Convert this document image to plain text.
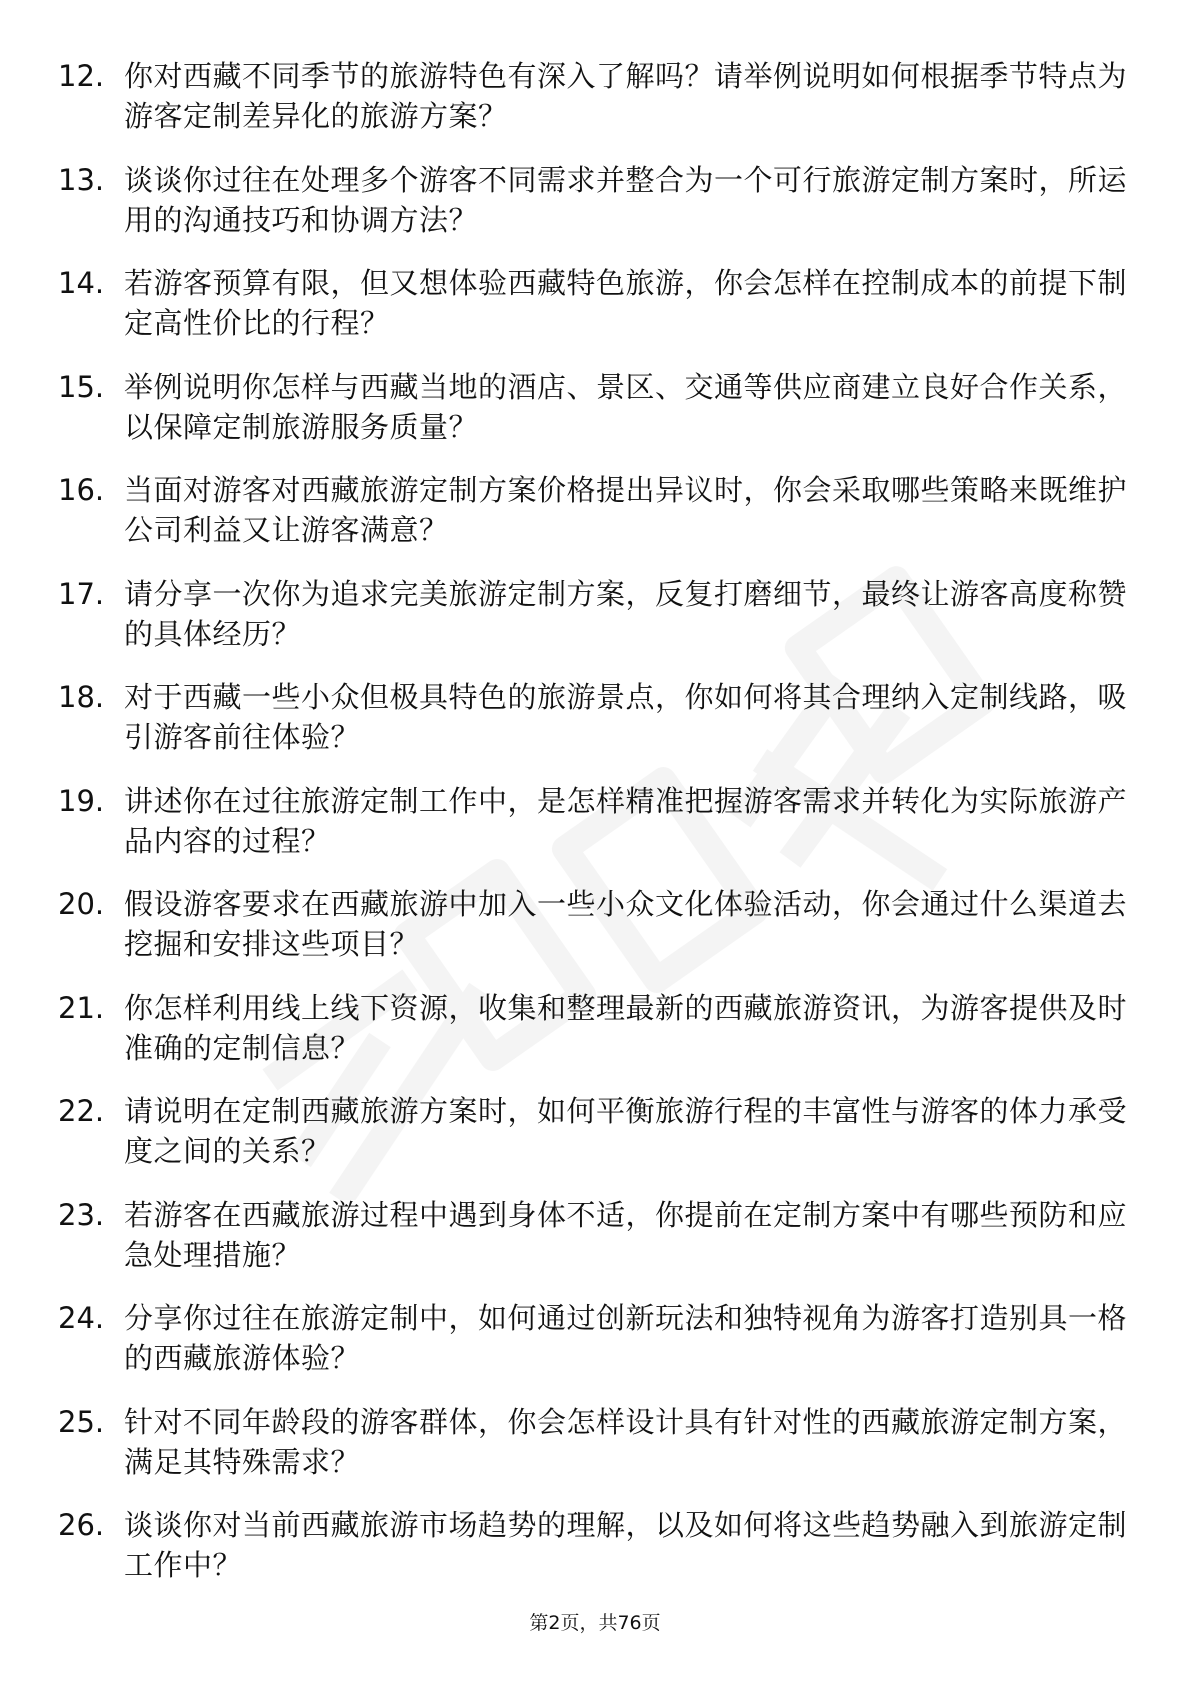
12. 你对西藏不同季节的旅游特色有深入了解吗？请举例说明如何根据季节特点为游客定制差异化的旅游方案？
13. 谈谈你过往在处理多个游客不同需求并整合为一个可行旅游定制方案时，所运用的沟通技巧和协调方法？
14. 若游客预算有限，但又想体验西藏特色旅游，你会怎样在控制成本的前提下制定高性价比的行程？
15. 举例说明你怎样与西藏当地的酒店、景区、交通等供应商建立良好合作关系，以保障定制旅游服务质量？
16. 当面对游客对西藏旅游定制方案价格提出异议时，你会采取哪些策略来既维护公司利益又让游客满意？
17. 请分享一次你为追求完美旅游定制方案，反复打磨细节，最终让游客高度称赞的具体经历？
18. 对于西藏一些小众但极具特色的旅游景点，你如何将其合理纳入定制线路，吸引游客前往体验？
19. 讲述你在过往旅游定制工作中，是怎样精准把握游客需求并转化为实际旅游产品内容的过程？
20. 假设游客要求在西藏旅游中加入一些小众文化体验活动，你会通过什么渠道去挖掘和安排这些项目？
21. 你怎样利用线上线下资源，收集和整理最新的西藏旅游资讯，为游客提供及时准确的定制信息？
22. 请说明在定制西藏旅游方案时，如何平衡旅游行程的丰富性与游客的体力承受度之间的关系？
23. 若游客在西藏旅游过程中遇到身体不适，你提前在定制方案中有哪些预防和应急处理措施？
24. 分享你过往在旅游定制中，如何通过创新玩法和独特视角为游客打造别具一格的西藏旅游体验？
25. 针对不同年龄段的游客群体，你会怎样设计具有针对性的西藏旅游定制方案，满足其特殊需求？
26. 谈谈你对当前西藏旅游市场趋势的理解，以及如何将这些趋势融入到旅游定制工作中？
第2页，共76页
